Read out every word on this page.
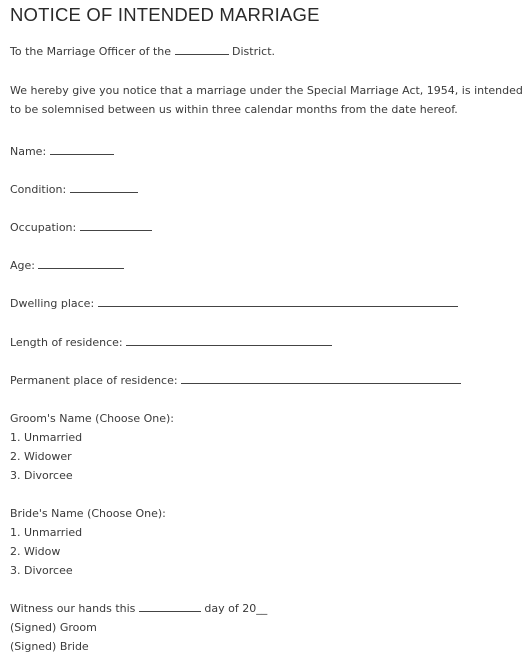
NOTICE OF INTENDED MARRIAGE
To the Marriage Officer of the	District.
We hereby give you notice that a marriage under the Special Marriage Act, 1954, is intended
to be solemnised between us within three calendar months from the date hereof.
Name:
Condition:
Occupation:
Age:
Dwelling place:
Length of residence:
Permanent place of residence:
Groom's Name (Choose One):
1. Unmarried
2. Widower
3. Divorcee
Bride's Name (Choose One):
1. Unmarried
2. Widow
3. Divorcee
Witness our hands this	day of 20__
(Signed) Groom
(Signed) Bride
